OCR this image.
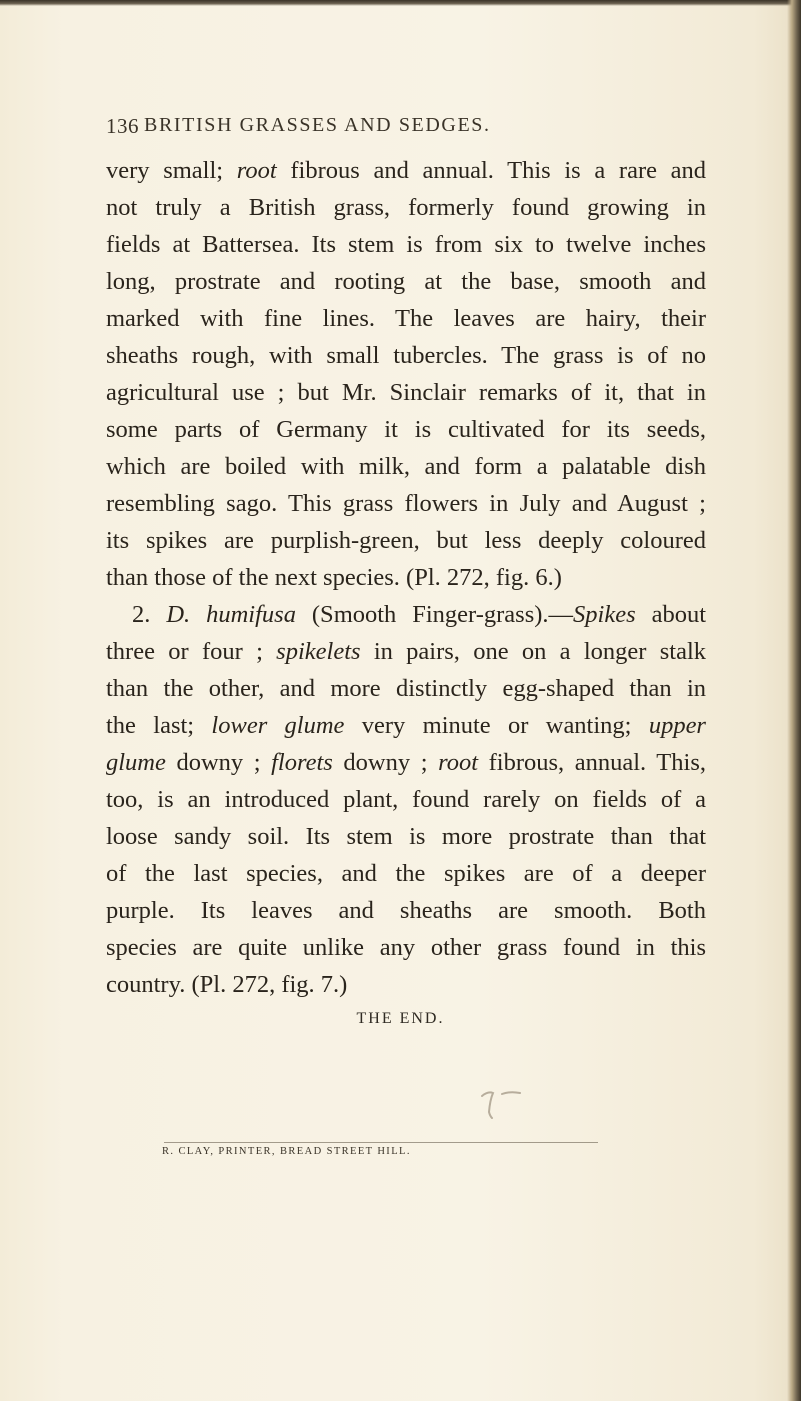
136 BRITISH GRASSES AND SEDGES.
very small; root fibrous and annual. This is a rare and
not truly a British grass, formerly found growing in
fields at Battersea. Its stem is from six to twelve inches
long, prostrate and rooting at the base, smooth and
marked with fine lines. The leaves are hairy, their
sheaths rough, with small tubercles. The grass is of no
agricultural use ; but Mr. Sinclair remarks of it, that in
some parts of Germany it is cultivated for its seeds,
which are boiled with milk, and form a palatable dish
resembling sago. This grass flowers in July and August ;
its spikes are purplish-green, but less deeply coloured
than those of the next species. (Pl. 272, fig. 6.)
2. D. humifusa (Smooth Finger-grass).—Spikes about
three or four ; spikelets in pairs, one on a longer stalk
than the other, and more distinctly egg-shaped than in
the last; lower glume very minute or wanting; upper
glume downy ; florets downy ; root fibrous, annual. This,
too, is an introduced plant, found rarely on fields of a
loose sandy soil. Its stem is more prostrate than that
of the last species, and the spikes are of a deeper
purple. Its leaves and sheaths are smooth. Both
species are quite unlike any other grass found in this
country. (Pl. 272, fig. 7.)
THE END.
R. CLAY, PRINTER, BREAD STREET HILL.
